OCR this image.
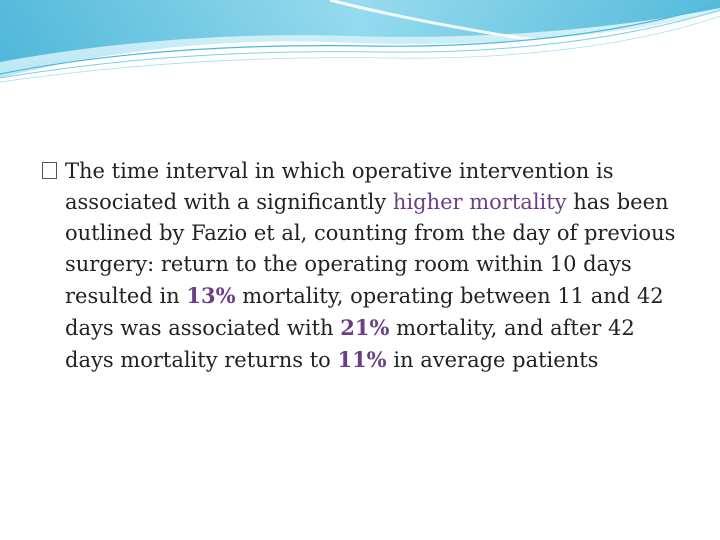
The time interval in which operative intervention is associated with a significantly higher mortality has been outlined by Fazio et al, counting from the day of previous surgery: return to the operating room within 10 days resulted in 13% mortality, operating between 11 and 42 days was associated with 21% mortality, and after 42 days mortality returns to 11% in average patients
